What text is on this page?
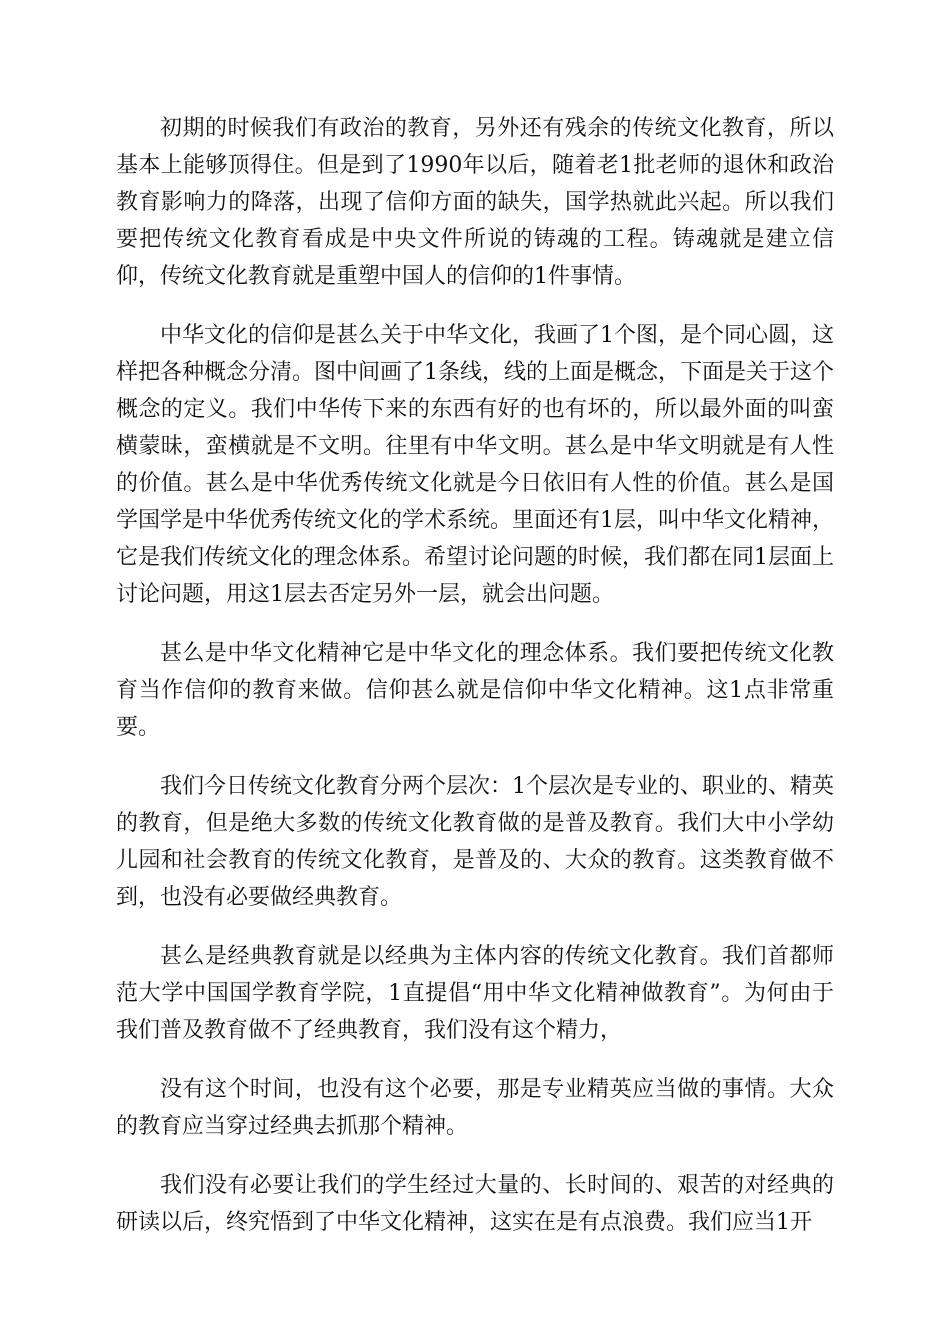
初期的时候我们有政治的教育，另外还有残余的传统文化教育，所以基本上能够顶得住。但是到了1990年以后，随着老1批老师的退休和政治教育影响力的降落，出现了信仰方面的缺失，国学热就此兴起。所以我们要把传统文化教育看成是中央文件所说的铸魂的工程。铸魂就是建立信仰，传统文化教育就是重塑中国人的信仰的1件事情。

中华文化的信仰是甚么关于中华文化，我画了1个图，是个同心圆，这样把各种概念分清。图中间画了1条线，线的上面是概念，下面是关于这个概念的定义。我们中华传下来的东西有好的也有坏的，所以最外面的叫蛮横蒙昧，蛮横就是不文明。往里有中华文明。甚么是中华文明就是有人性的价值。甚么是中华优秀传统文化就是今日依旧有人性的价值。甚么是国学国学是中华优秀传统文化的学术系统。里面还有1层，叫中华文化精神，它是我们传统文化的理念体系。希望讨论问题的时候，我们都在同1层面上讨论问题，用这1层去否定另外一层，就会出问题。

甚么是中华文化精神它是中华文化的理念体系。我们要把传统文化教育当作信仰的教育来做。信仰甚么就是信仰中华文化精神。这1点非常重要。

我们今日传统文化教育分两个层次：1个层次是专业的、职业的、精英的教育，但是绝大多数的传统文化教育做的是普及教育。我们大中小学幼儿园和社会教育的传统文化教育，是普及的、大众的教育。这类教育做不到，也没有必要做经典教育。

甚么是经典教育就是以经典为主体内容的传统文化教育。我们首都师范大学中国国学教育学院，1直提倡“用中华文化精神做教育”。为何由于我们普及教育做不了经典教育，我们没有这个精力，

没有这个时间，也没有这个必要，那是专业精英应当做的事情。大众的教育应当穿过经典去抓那个精神。

我们没有必要让我们的学生经过大量的、长时间的、艰苦的对经典的研读以后，终究悟到了中华文化精神，这实在是有点浪费。我们应当1开
